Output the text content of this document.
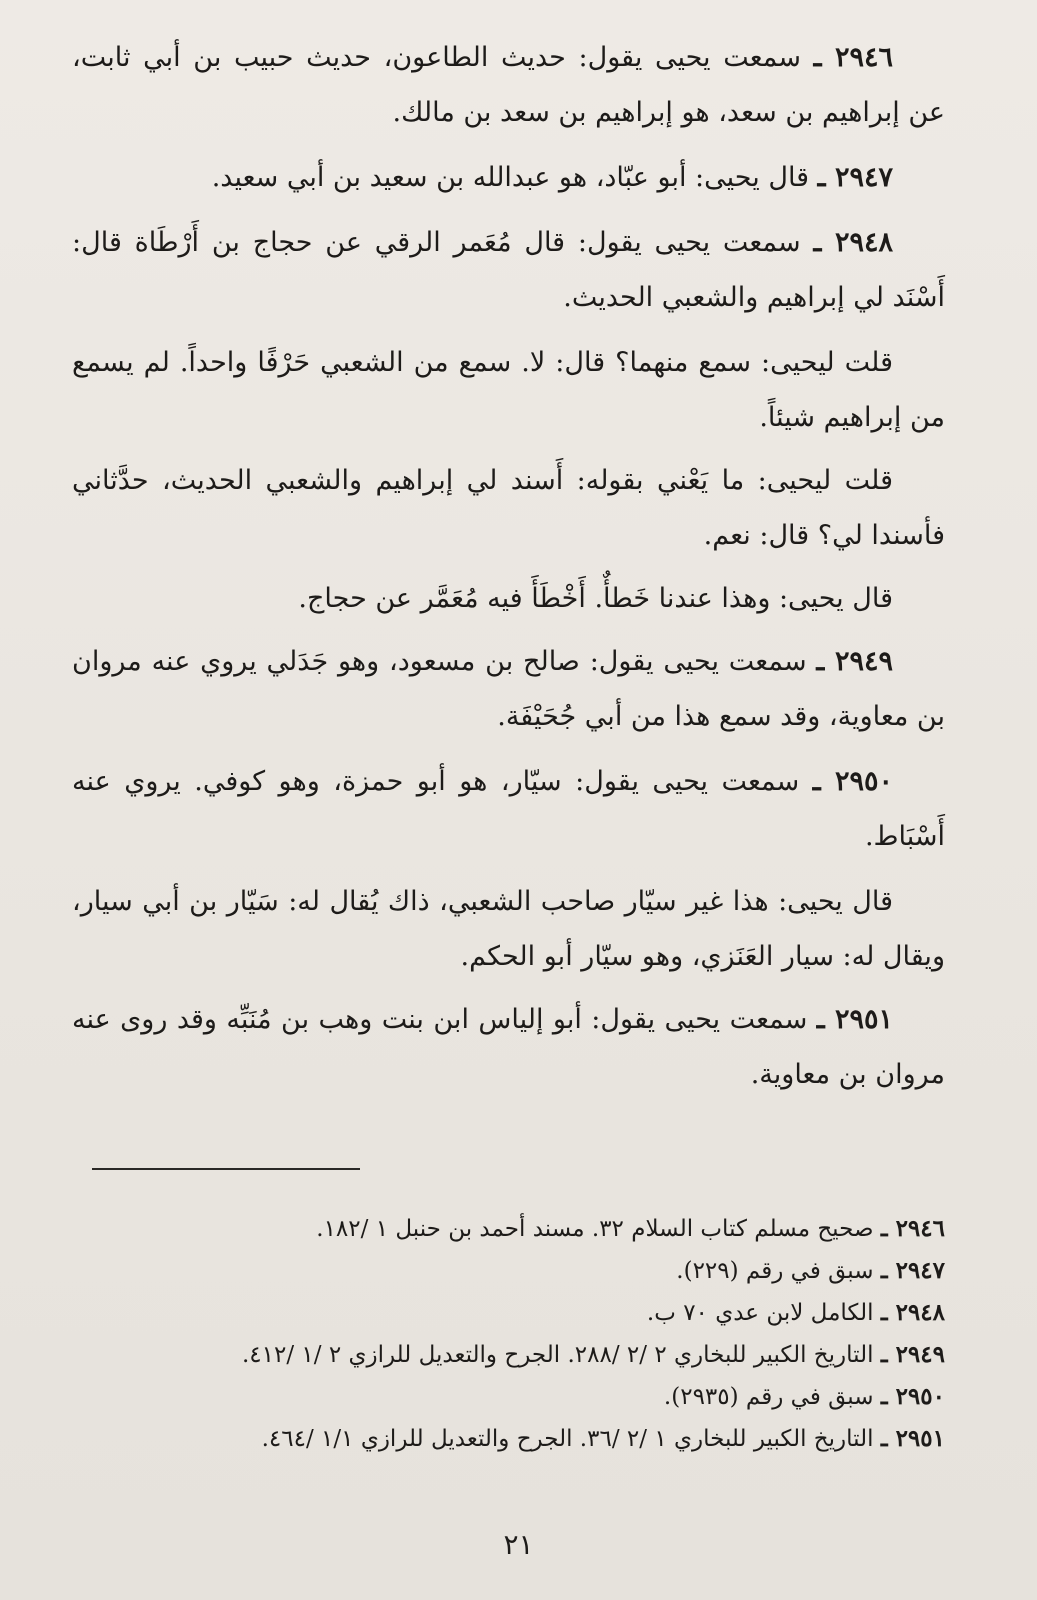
٢٩٤٦ ـ سمعت يحيى يقول: حديث الطاعون، حديث حبيب بن أبي ثابت، عن إبراهيم بن سعد، هو إبراهيم بن سعد بن مالك.

٢٩٤٧ ـ قال يحيى: أبو عبّاد، هو عبدالله بن سعيد بن أبي سعيد.

٢٩٤٨ ـ سمعت يحيى يقول: قال مُعَمر الرقي عن حجاج بن أَرْطَاة قال: أَسْنَد لي إبراهيم والشعبي الحديث.

قلت ليحيى: سمع منهما؟ قال: لا. سمع من الشعبي حَرْفًا واحداً. لم يسمع من إبراهيم شيئاً.

قلت ليحيى: ما يَعْني بقوله: أَسند لي إبراهيم والشعبي الحديث، حدَّثاني فأسندا لي؟ قال: نعم.

قال يحيى: وهذا عندنا خَطأٌ. أَخْطَأَ فيه مُعَمَّر عن حجاج.

٢٩٤٩ ـ سمعت يحيى يقول: صالح بن مسعود، وهو جَدَلي يروي عنه مروان بن معاوية، وقد سمع هذا من أبي جُحَيْفَة.

٢٩٥٠ ـ سمعت يحيى يقول: سيّار، هو أبو حمزة، وهو كوفي. يروي عنه أَسْبَاط.

قال يحيى: هذا غير سيّار صاحب الشعبي، ذاك يُقال له: سَيّار بن أبي سيار، ويقال له: سيار العَنَزي، وهو سيّار أبو الحكم.

٢٩٥١ ـ سمعت يحيى يقول: أبو إلياس ابن بنت وهب بن مُنَبِّه وقد روى عنه مروان بن معاوية.

٢٩٤٦ ـ صحيح مسلم كتاب السلام ٣٢. مسند أحمد بن حنبل ١ /١٨٢.
٢٩٤٧ ـ سبق في رقم (٢٢٩).
٢٩٤٨ ـ الكامل لابن عدي ٧٠ ب.
٢٩٤٩ ـ التاريخ الكبير للبخاري ٢ /٢ /٢٨٨. الجرح والتعديل للرازي ٢ /١ /٤١٢.
٢٩٥٠ ـ سبق في رقم (٢٩٣٥).
٢٩٥١ ـ التاريخ الكبير للبخاري ١ /٢ /٣٦. الجرح والتعديل للرازي ١/١ /٤٦٤.
٢١
